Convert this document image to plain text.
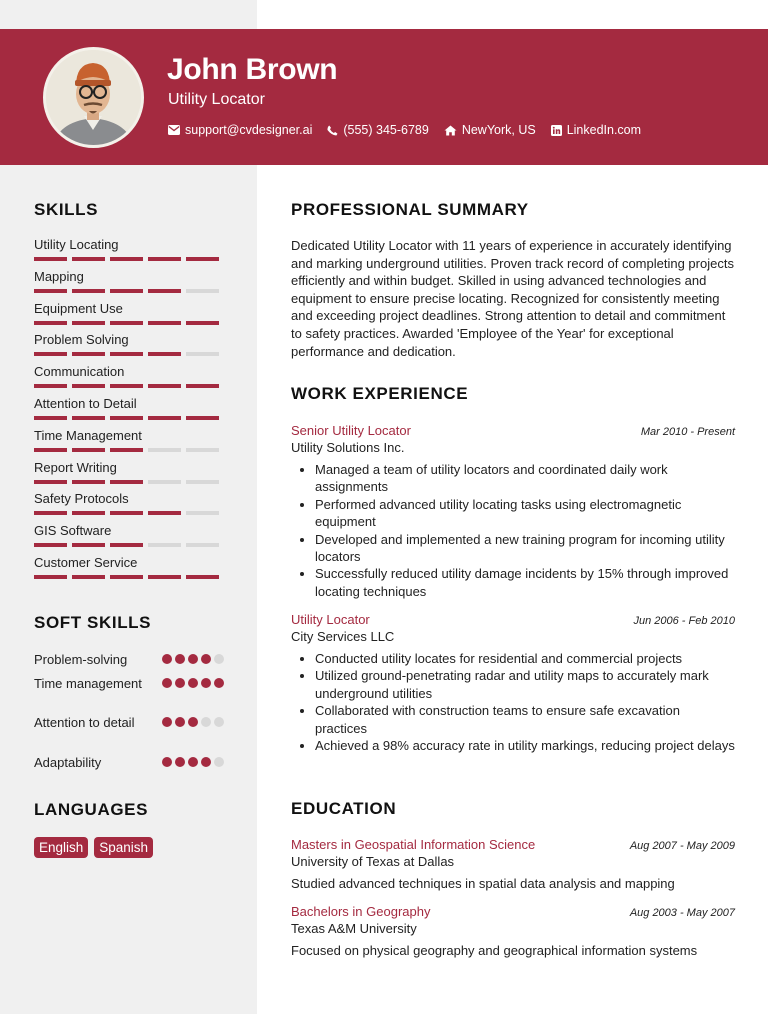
John Brown
Utility Locator
support@cvdesigner.ai (555) 345-6789	NewYork, US LinkedIn.com
SKILLS
Utility Locating
Mapping
Equipment Use
Problem Solving
Communication
Attention to Detail
Time Management
Report Writing
Safety Protocols
GIS Software
Customer Service
SOFT SKILLS
Problem-solving
Time management
Attention to detail
Adaptability
LANGUAGES
English	Spanish
PROFESSIONAL SUMMARY
Dedicated Utility Locator with 11 years of experience in accurately identifying and marking underground utilities. Proven track record of completing projects efficiently and within budget. Skilled in using advanced technologies and equipment to ensure precise locating. Recognized for consistently meeting and exceeding project deadlines. Strong attention to detail and commitment to safety practices. Awarded 'Employee of the Year' for exceptional performance and dedication.
WORK EXPERIENCE
Senior Utility Locator	Mar 2010 - Present
Utility Solutions Inc.
• Managed a team of utility locators and coordinated daily work assignments
• Performed advanced utility locating tasks using electromagnetic equipment
• Developed and implemented a new training program for incoming utility locators
• Successfully reduced utility damage incidents by 15% through improved locating techniques
Utility Locator	Jun 2006 - Feb 2010
City Services LLC
• Conducted utility locates for residential and commercial projects
• Utilized ground-penetrating radar and utility maps to accurately mark underground utilities
• Collaborated with construction teams to ensure safe excavation practices
• Achieved a 98% accuracy rate in utility markings, reducing project delays
EDUCATION
Masters in Geospatial Information Science	Aug 2007 - May 2009
University of Texas at Dallas
Studied advanced techniques in spatial data analysis and mapping
Bachelors in Geography	Aug 2003 - May 2007
Texas A&M University
Focused on physical geography and geographical information systems
